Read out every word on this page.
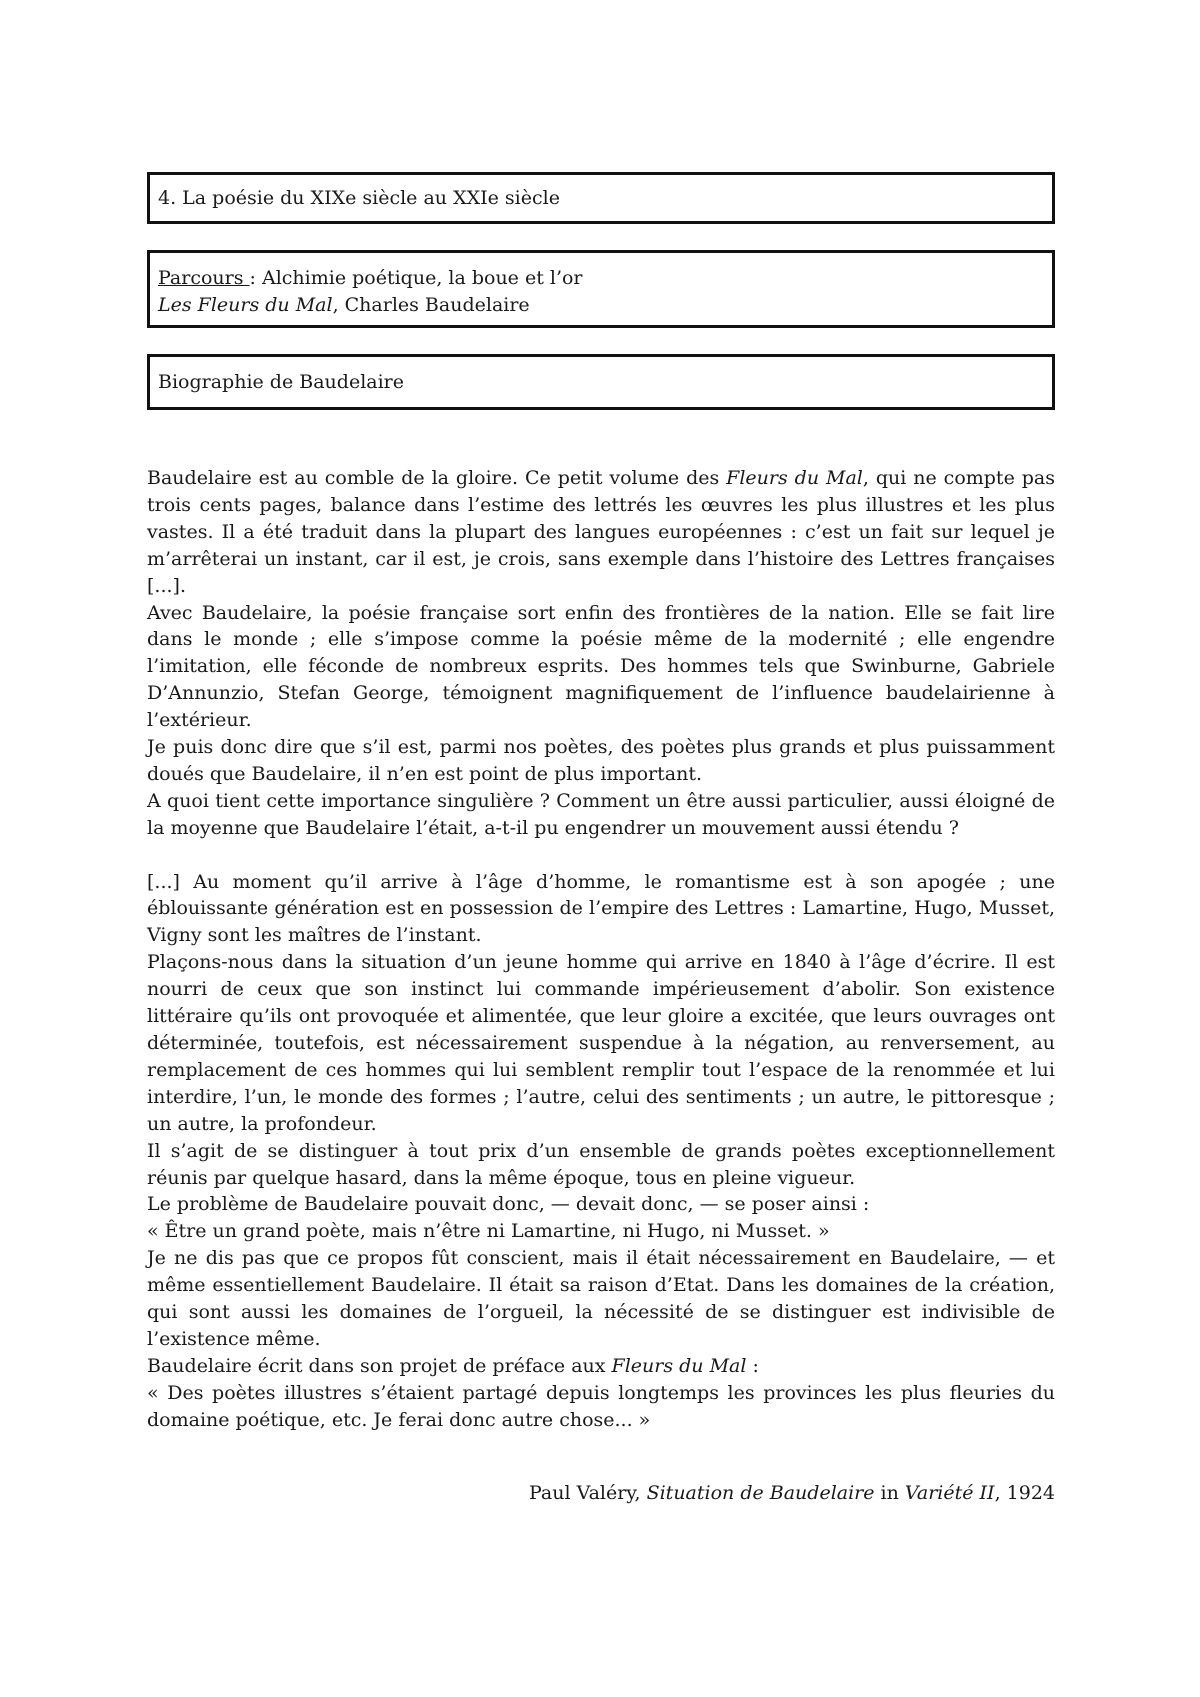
4. La poésie du XIXe siècle au XXIe siècle
Parcours : Alchimie poétique, la boue et l’or
Les Fleurs du Mal, Charles Baudelaire
Biographie de Baudelaire

Baudelaire est au comble de la gloire. Ce petit volume des Fleurs du Mal, qui ne compte pas trois cents pages, balance dans l’estime des lettrés les œuvres les plus illustres et les plus vastes. Il a été traduit dans la plupart des langues européennes : c’est un fait sur lequel je m’arrêterai un instant, car il est, je crois, sans exemple dans l’histoire des Lettres françaises [...].

Avec Baudelaire, la poésie française sort enfin des frontières de la nation. Elle se fait lire dans le monde ; elle s’impose comme la poésie même de la modernité ; elle engendre l’imitation, elle féconde de nombreux esprits. Des hommes tels que Swinburne, Gabriele D’Annunzio, Stefan George, témoignent magnifiquement de l’influence baudelairienne à l’extérieur.

Je puis donc dire que s’il est, parmi nos poètes, des poètes plus grands et plus puissamment doués que Baudelaire, il n’en est point de plus important.

A quoi tient cette importance singulière ? Comment un être aussi particulier, aussi éloigné de la moyenne que Baudelaire l’était, a-t-il pu engendrer un mouvement aussi étendu ?

[...] Au moment qu’il arrive à l’âge d’homme, le romantisme est à son apogée ; une éblouissante génération est en possession de l’empire des Lettres : Lamartine, Hugo, Musset, Vigny sont les maîtres de l’instant.

Plaçons-nous dans la situation d’un jeune homme qui arrive en 1840 à l’âge d’écrire. Il est nourri de ceux que son instinct lui commande impérieusement d’abolir. Son existence littéraire qu’ils ont provoquée et alimentée, que leur gloire a excitée, que leurs ouvrages ont déterminée, toutefois, est nécessairement suspendue à la négation, au renversement, au remplacement de ces hommes qui lui semblent remplir tout l’espace de la renommée et lui interdire, l’un, le monde des formes ; l’autre, celui des sentiments ; un autre, le pittoresque ; un autre, la profondeur.

Il s’agit de se distinguer à tout prix d’un ensemble de grands poètes exceptionnellement réunis par quelque hasard, dans la même époque, tous en pleine vigueur.

Le problème de Baudelaire pouvait donc, — devait donc, — se poser ainsi :

« Être un grand poète, mais n’être ni Lamartine, ni Hugo, ni Musset. »

Je ne dis pas que ce propos fût conscient, mais il était nécessairement en Baudelaire, — et même essentiellement Baudelaire. Il était sa raison d’Etat. Dans les domaines de la création, qui sont aussi les domaines de l’orgueil, la nécessité de se distinguer est indivisible de l’existence même.

Baudelaire écrit dans son projet de préface aux Fleurs du Mal :

« Des poètes illustres s’étaient partagé depuis longtemps les provinces les plus fleuries du domaine poétique, etc. Je ferai donc autre chose... »

Paul Valéry, Situation de Baudelaire in Variété II, 1924
